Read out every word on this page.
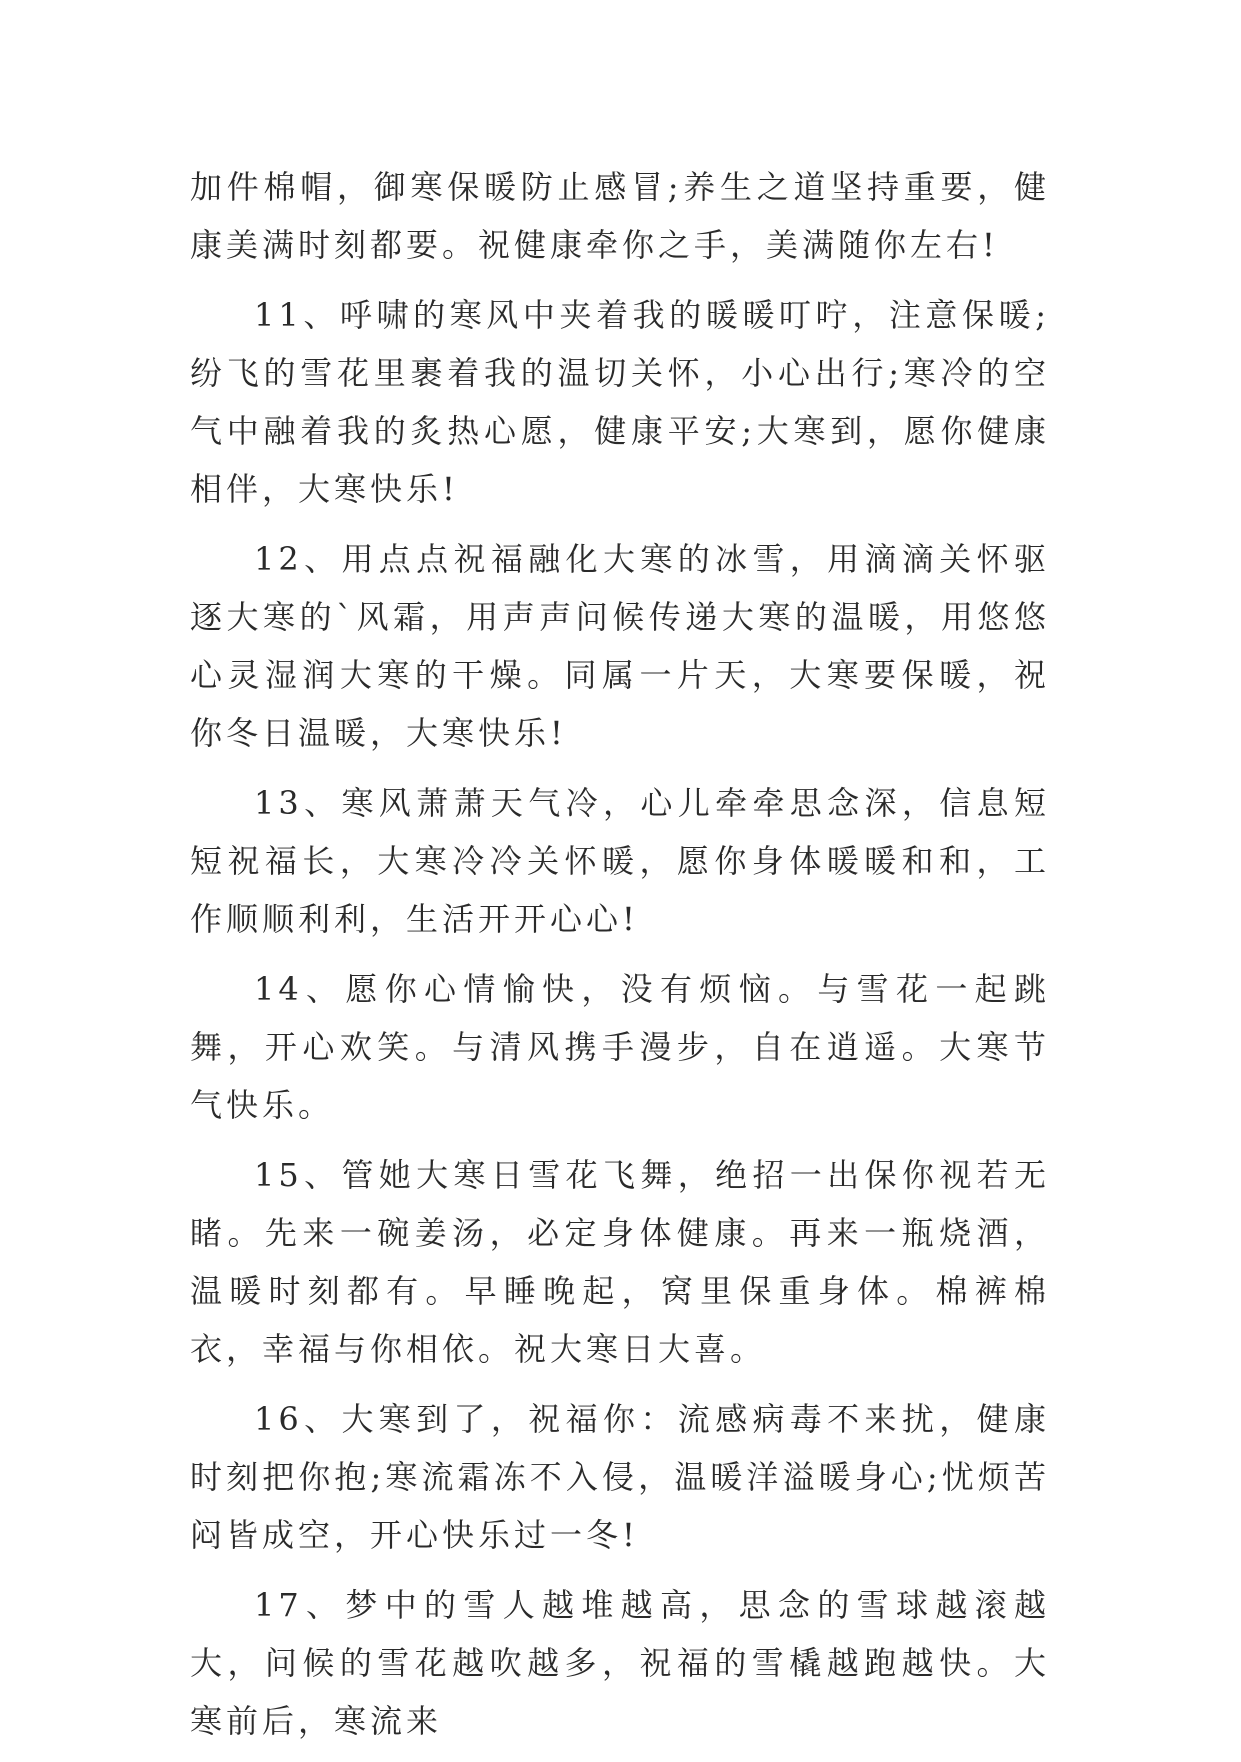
加件棉帽，御寒保暖防止感冒;养生之道坚持重要，健康美满时刻都要。祝健康牵你之手，美满随你左右!

11、呼啸的寒风中夹着我的暖暖叮咛，注意保暖;纷飞的雪花里裹着我的温切关怀，小心出行;寒冷的空气中融着我的炙热心愿，健康平安;大寒到，愿你健康相伴，大寒快乐!

12、用点点祝福融化大寒的冰雪，用滴滴关怀驱逐大寒的`风霜，用声声问候传递大寒的温暖，用悠悠心灵湿润大寒的干燥。同属一片天，大寒要保暖，祝你冬日温暖，大寒快乐!

13、寒风萧萧天气冷，心儿牵牵思念深，信息短短祝福长，大寒冷冷关怀暖，愿你身体暖暖和和，工作顺顺利利，生活开开心心!

14、愿你心情愉快，没有烦恼。与雪花一起跳舞，开心欢笑。与清风携手漫步，自在逍遥。大寒节气快乐。

15、管她大寒日雪花飞舞，绝招一出保你视若无睹。先来一碗姜汤，必定身体健康。再来一瓶烧酒，温暖时刻都有。早睡晚起，窝里保重身体。棉裤棉衣，幸福与你相依。祝大寒日大喜。

16、大寒到了，祝福你：流感病毒不来扰，健康时刻把你抱;寒流霜冻不入侵，温暖洋溢暖身心;忧烦苦闷皆成空，开心快乐过一冬!

17、梦中的雪人越堆越高，思念的雪球越滚越大，问候的雪花越吹越多，祝福的雪橇越跑越快。大寒前后，寒流来
